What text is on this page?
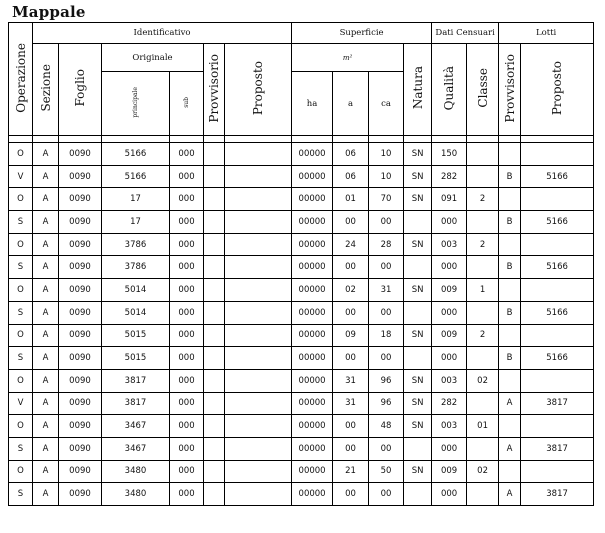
Mappale
Operazione	Identificativo						Superficie				Dati Censuari		Lotti	
	Sezione	Foglio	Originale		Provvisorio	Proposto	m²			Natura	Qualità	Classe	Provvisorio	Proposto
			principale	sub			ha	a	ca					

O	A	0090	5166	000			00000	06	10	SN	150			
V	A	0090	5166	000			00000	06	10	SN	282		B	5166
O	A	0090	17	000			00000	01	70	SN	091	2		
S	A	0090	17	000			00000	00	00		000		B	5166
O	A	0090	3786	000			00000	24	28	SN	003	2		
S	A	0090	3786	000			00000	00	00		000		B	5166
O	A	0090	5014	000			00000	02	31	SN	009	1		
S	A	0090	5014	000			00000	00	00		000		B	5166
O	A	0090	5015	000			00000	09	18	SN	009	2		
S	A	0090	5015	000			00000	00	00		000		B	5166
O	A	0090	3817	000			00000	31	96	SN	003	02		
V	A	0090	3817	000			00000	31	96	SN	282		A	3817
O	A	0090	3467	000			00000	00	48	SN	003	01		
S	A	0090	3467	000			00000	00	00		000		A	3817
O	A	0090	3480	000			00000	21	50	SN	009	02		
S	A	0090	3480	000			00000	00	00		000		A	3817
